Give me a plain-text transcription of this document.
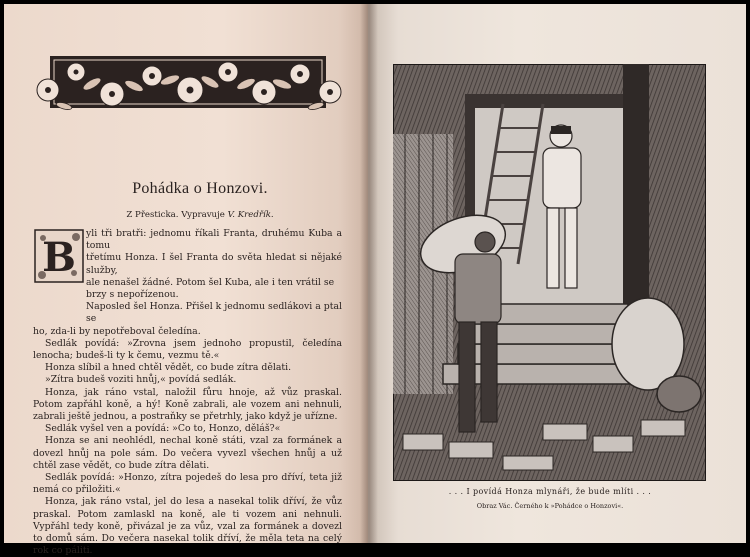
Pohádka o Honzovi.
Z Přesticka. Vypravuje V. Kredřík.
B

yli tři bratři: jednomu říkali Franta, druhému Kuba a tomu

třetímu Honza. I šel Franta do světa hledat si nějaké služby,

ale nenašel žádné. Potom šel Kuba, ale i ten vrátil se

brzy s nepořízenou.

Naposled šel Honza. Přišel k jednomu sedlákovi a ptal se

ho, zda-li by nepotřeboval čeledína.

Sedlák povídá: »Zrovna jsem jednoho propustil, čeledína lenocha; budeš-li ty k čemu, vezmu tě.«

Honza slíbil a hned chtěl vědět, co bude zítra dělati.

»Zítra budeš voziti hnůj,« povídá sedlák.

Honza, jak ráno vstal, naložil fůru hnoje, až vůz praskal. Potom zapřáhl koně, a hý! Koně zabrali, ale vozem ani nehnuli, zabrali ještě jednou, a postraňky se přetrhly, jako když je uřízne.

Sedlák vyšel ven a povídá: »Co to, Honzo, děláš?«

Honza se ani neohlédl, nechal koně státi, vzal za formánek a dovezl hnůj na pole sám. Do večera vyvezl všechen hnůj a už chtěl zase vědět, co bude zítra dělati.

Sedlák povídá: »Honzo, zítra pojedeš do lesa pro dříví, teta již nemá co přiložiti.«

Honza, jak ráno vstal, jel do lesa a nasekal tolik dříví, že vůz praskal. Potom zamlaskl na koně, ale ti vozem ani nehnuli. Vypřáhl tedy koně, přivázal je za vůz, vzal za formánek a dovezl to domů sám. Do večera nasekal tolik dříví, že měla teta na celý rok co páliti.

. . . I povídá Honza mlynáři, že bude mlíti . . .
Obraz Vác. Černého k »Pohádce o Honzovi«.
